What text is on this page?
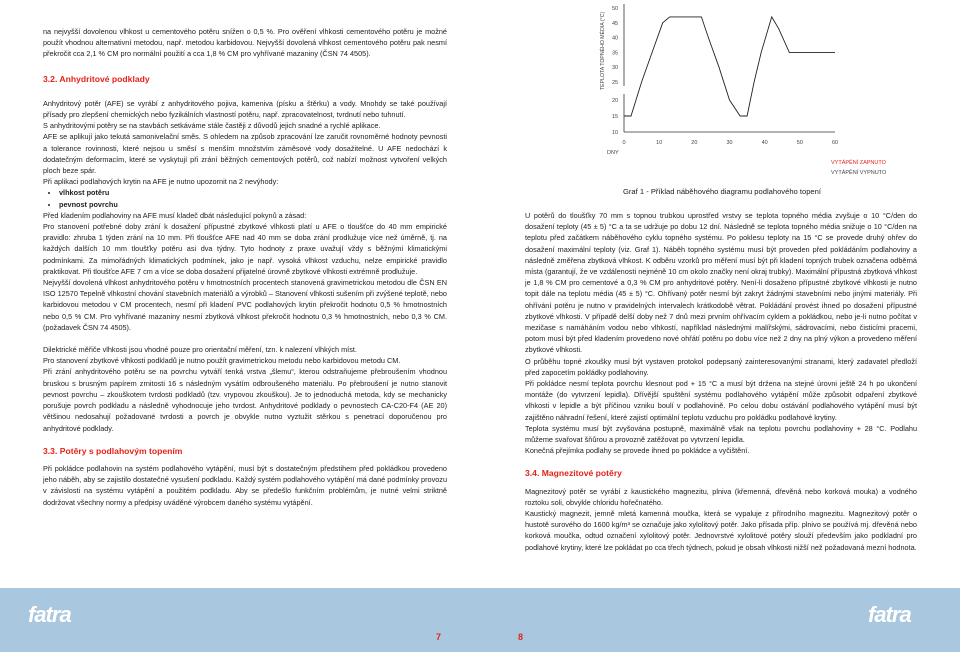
na nejvyšší dovolenou vlhkost u cementového potěru snížen o 0,5 %. Pro ověření vlhkosti cementového potěru je možné použít vhodnou alternativní metodou, např. metodou karbidovou. Nejvyšší dovolená vlhkost cementového potěru pak nesmí překročit cca 2,1 % CM pro normální použití a cca 1,8 % CM pro vyhřívané mazaniny (ČSN 74 4505).

3.2. Anhydritové podklady

Anhydritový potěr (AFE) se vyrábí z anhydritového pojiva, kameniva (písku a štěrku) a vody. Mnohdy se také používají přísady pro zlepšení chemických nebo fyzikálních vlastností potěru, např. zpracovatelnost, tvrdnutí nebo tuhnutí.

S anhydritovými potěry se na stavbách setkáváme stále častěji z důvodů jejich snadné a rychlé aplikace.

AFE se aplikují jako tekutá samonivelační směs. S ohledem na způsob zpracování lze zaručit rovnoměrné hodnoty pevnosti a tolerance rovinnosti, které nejsou u směsí s menším množstvím záměsové vody dosažitelné. U AFE nedochází k dodatečným deformacím, které se vyskytují při zrání běžných cementových potěrů, což nabízí možnost vytvoření velkých ploch beze spár.

Při aplikaci podlahových krytin na AFE je nutno upozornit na 2 nevýhody:

• vlhkost potěru
• pevnost povrchu

Před kladením podlahoviny na AFE musí kladeč dbát následující pokynů a zásad:

Pro stanovení potřebné doby zrání k dosažení přípustné zbytkové vlhkosti platí u AFE o tloušťce do 40 mm empirické pravidlo: zhruba 1 týden zrání na 10 mm. Při tloušťce AFE nad 40 mm se doba zrání prodlužuje více než úměrně, tj. na každých dalších 10 mm tloušťky potěru asi dva týdny. Tyto hodnoty z praxe uvažují vždy s běžnými klimatickými podmínkami. Za mimořádných klimatických podmínek, jako je např. vysoká vlhkost vzduchu, nelze empirické pravidlo praktikovat. Při tloušťce AFE 7 cm a více se doba dosažení přijatelné úrovně zbytkové vlhkosti extrémně prodlužuje.

Nejvyšší dovolená vlhkost anhydritového potěru v hmotnostních procentech stanovená gravimetrickou metodou dle ČSN EN ISO 12570 Tepelně vlhkostní chování stavebních materiálů a výrobků – Stanovení vlhkosti sušením při zvýšené teplotě, nebo karbidovou metodou v CM procentech, nesmí při kladení PVC podlahových krytin překročit hodnotu 0,5 % hmotnostních nebo 0,5 % CM. Pro vyhřívané mazaniny nesmí zbytková vlhkost překročit hodnotu 0,3 % hmotnostních, nebo 0,3 % CM. (požadavek ČSN 74 4505).

Dilektrické měřiče vlhkosti jsou vhodné pouze pro orientační měření, tzn. k nalezení vlhkých míst.

Pro stanovení zbytkové vlhkosti podkladů je nutno použít gravimetrickou metodu nebo karbidovou metodu CM.

Při zrání anhydritového potěru se na povrchu vytváří tenká vrstva „šlemu“, kterou odstraňujeme přebroušením vhodnou bruskou s brusným papírem zrnitosti 16 s následným vysátím odbroušeného materiálu. Po přebroušení je nutno stanovit pevnost povrchu – zkouškotem tvrdosti podkladů (tzv. vrypovou zkouškou). Je to jednoduchá metoda, kdy se mechanicky porušuje povrch podkladu a následně vyhodnocuje jeho tvrdost. Anhydritové podklady o pevnostech CA-C20-F4 (AE 20) většinou nedosahují požadované tvrdosti a povrch je obvykle nutno vyztužit stěrkou s penetrací doporučenou pro anhydritové podklady.

3.3. Potěry s podlahovým topením

Při pokládce podlahovin na systém podlahového vytápění, musí být s dostatečným předstihem před pokládkou provedeno jeho náběh, aby se zajistilo dostatečné vysušení podkladu. Každý systém podlahového vytápění má dané podmínky provozu v závislosti na systému vytápění a použitém podkladu. Aby se předešlo funkčním problémům, je nutné velmi striktně dodržovat všechny normy a předpisy uváděné výrobcem daného systému vytápění.

TEPLOTA TOPNÉHO MÉDIA (°C)
50
45
40
35
30
25
20
15
10
0	10	20	30	40	50	60
DNY
VYTÁPĚNÍ ZAPNUTO
VYTÁPĚNÍ VYPNUTO
Graf 1 - Příklad náběhového diagramu podlahového topení

U potěrů do tloušťky 70 mm s topnou trubkou uprostřed vrstvy se teplota topného média zvyšuje o 10 °C/den do dosažení teploty (45 ± 5) °C a ta se udržuje po dobu 12 dní. Následně se teplota topného média snižuje o 10 °C/den na teplotu před začátkem náběhového cyklu topného systému. Po poklesu teploty na 15 °C se provede druhý ohřev do dosažení maximální teploty (viz. Graf 1). Náběh topného systému musí být proveden před pokládáním podlahoviny a následně změřena zbytková vlhkost. K odběru vzorků pro měření musí být při kladení topných trubek označena odběrná místa (garantují, že ve vzdálenosti nejméně 10 cm okolo značky není okraj trubky). Maximální přípustná zbytková vlhkost je 1,8 % CM pro cementové a 0,3 % CM pro anhydritové potěry. Není-li dosaženo přípustné zbytkové vlhkosti je nutno topit dále na teplotu média (45 ± 5) °C. Ohřívaný potěr nesmí být zakryt žádnými stavebními nebo jinými materiály. Při ohřívání potěru je nutno v pravidelných intervalech krátkodobě větrat. Pokládání provést ihned po dosažení přípustné zbytkové vlhkosti. V případě delší doby než 7 dnů mezi prvním ohřívacím cyklem a pokládkou, nebo je-li nutno počítat v mezičase s namáháním vodou nebo vlhkostí, například následnými malířskými, sádrovacími, nebo čisticími pracemi, potom musí být před kladením provedeno nové ohřátí potěru po dobu více než 2 dny na plný výkon a provedeno měření zbytkové vlhkosti.

O průběhu topné zkoušky musí být vystaven protokol podepsaný zainteresovanými stranami, který zadavatel předloží před zapocetím pokládky podlahoviny.

Při pokládce nesmí teplota povrchu klesnout pod + 15 °C a musí být držena na stejné úrovni ještě 24 h po ukončení montáže (do vytvrzení lepidla). Dřívější spuštění systému podlahového vytápění může způsobit odpaření zbytkové vlhkosti v lepidle a být příčinou vzniku boulí v podlahovině. Po celou dobu ostávání podlahového vytápění musí být zajištěno náhradní řešení, které zajistí optimální teplotu vzduchu pro pokládku podlahové krytiny.

Teplota systému musí být zvyšována postupně, maximálně však na teplotu povrchu podlahoviny + 28 °C. Podlahu můžeme svařovat šňůrou a provozně zatěžovat po vytvrzení lepidla.

Konečná přejímka podlahy se provede ihned po pokládce a vyčištění.

3.4. Magnezitové potěry

Magnezitový potěr se vyrábí z kaustického magnezitu, plniva (křemenná, dřevěná nebo korková mouka) a vodného roztoku soli, obvykle chloridu hořečnatého.

Kaustický magnezit, jemně mletá kamenná moučka, která se vypaluje z přírodního magnezitu. Magnezitový potěr o hustotě surového do 1600 kg/m³ se označuje jako xylolitový potěr. Jako přísada příp. plnivo se používá mj. dřevěná nebo korková moučka, odtud označení xylolitový potěr. Jednovrstvé xylolitové potěry slouží především jako podkladní pro podlahové krytiny, které lze pokládat po cca třech týdnech, pokud je obsah vlhkosti nižší než požadovaná mezní hodnota.

fatra	fatra
7	8
